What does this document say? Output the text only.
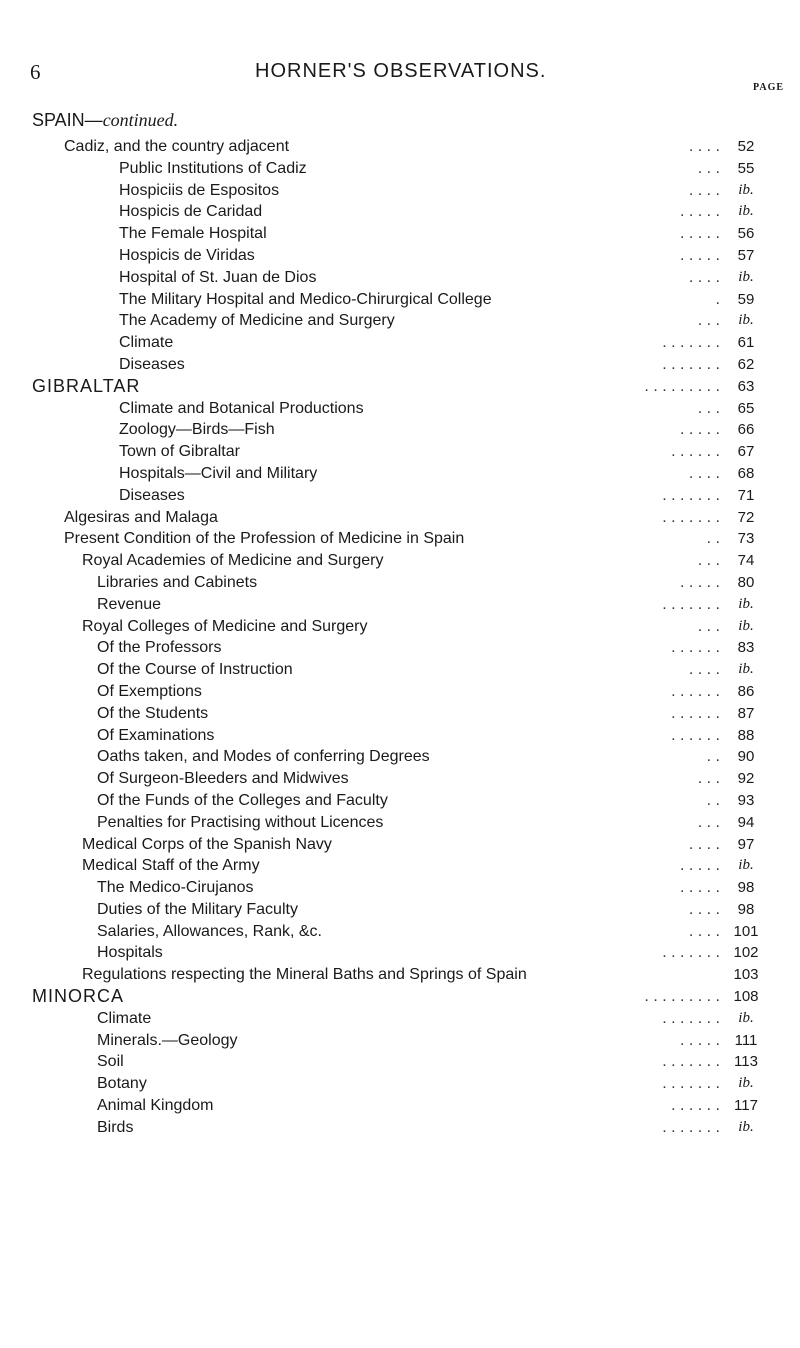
6	HORNER'S OBSERVATIONS.
PAGE
SPAIN—continued.
Cadiz, and the country adjacent	52
. . . .
Public Institutions of Cadiz	55
. . .
Hospiciis de Espositos	ib.
. . . .
Hospicis de Caridad	ib.
. . . . .
The Female Hospital	56
. . . . .
Hospicis de Viridas	57
. . . . .
Hospital of St. Juan de Dios	ib.
. . . .
The Military Hospital and Medico-Chirurgical College	59
.
The Academy of Medicine and Surgery	ib.
. . .
Climate	61
. . . . . . .
Diseases	62
. . . . . . .
GIBRALTAR	63
. . . . . . . . .
Climate and Botanical Productions	65
. . .
Zoology—Birds—Fish	66
. . . . .
Town of Gibraltar	67
. . . . . .
Hospitals—Civil and Military	68
. . . .
Diseases	71
. . . . . . .
Algesiras and Malaga	72
. . . . . . .
Present Condition of the Profession of Medicine in Spain	73
. .
Royal Academies of Medicine and Surgery	74
. . .
Libraries and Cabinets	80
. . . . .
Revenue	ib.
. . . . . . .
Royal Colleges of Medicine and Surgery	ib.
. . .
Of the Professors	83
. . . . . .
Of the Course of Instruction	ib.
. . . .
Of Exemptions	86
. . . . . .
Of the Students	87
. . . . . .
Of Examinations	88
. . . . . .
Oaths taken, and Modes of conferring Degrees	90
. .
Of Surgeon-Bleeders and Midwives	92
. . .
Of the Funds of the Colleges and Faculty	93
. .
Penalties for Practising without Licences	94
. . .
Medical Corps of the Spanish Navy	97
. . . .
Medical Staff of the Army	ib.
. . . . .
The Medico-Cirujanos	98
. . . . .
Duties of the Military Faculty	98
. . . .
Salaries, Allowances, Rank, &c.	101
. . . .
Hospitals	102
. . . . . . .
Regulations respecting the Mineral Baths and Springs of Spain	103
MINORCA	108
. . . . . . . . .
Climate	ib.
. . . . . . .
Minerals.—Geology	111
. . . . .
Soil	113
. . . . . . .
Botany	ib.
. . . . . . .
Animal Kingdom	117
. . . . . .
Birds	ib.
. . . . . . .
